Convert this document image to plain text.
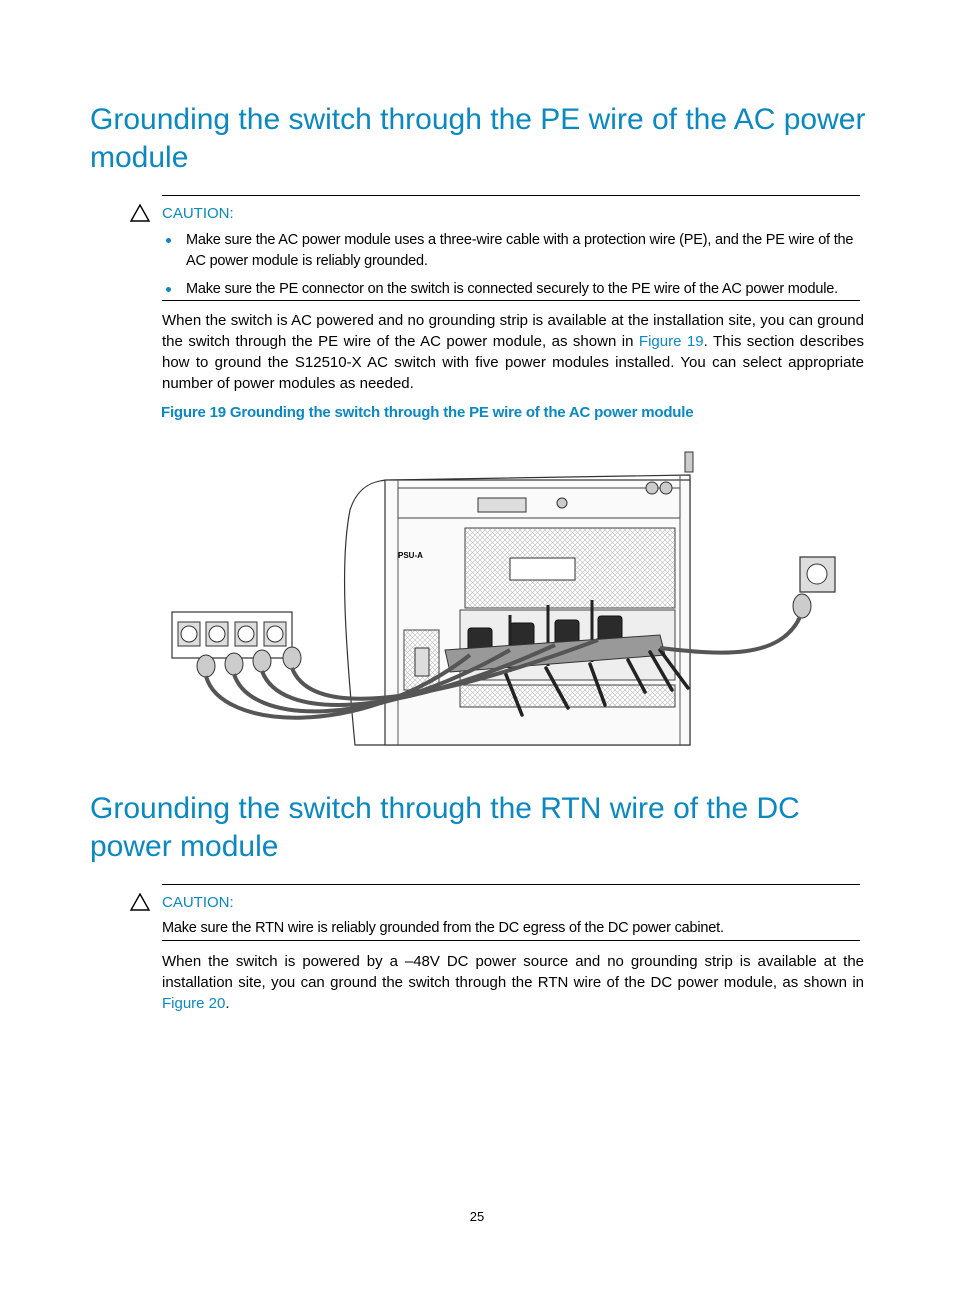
Grounding the switch through the PE wire of the AC power module
CAUTION:
Make sure the AC power module uses a three-wire cable with a protection wire (PE), and the PE wire of the AC power module is reliably grounded.
Make sure the PE connector on the switch is connected securely to the PE wire of the AC power module.

When the switch is AC powered and no grounding strip is available at the installation site, you can ground the switch through the PE wire of the AC power module, as shown in Figure 19. This section describes how to ground the S12510-X AC switch with five power modules installed. You can select appropriate number of power modules as needed.

Figure 19 Grounding the switch through the PE wire of the AC power module
PSU-A
Grounding the switch through the RTN wire of the DC power module
CAUTION:
Make sure the RTN wire is reliably grounded from the DC egress of the DC power cabinet.

When the switch is powered by a –48V DC power source and no grounding strip is available at the installation site, you can ground the switch through the RTN wire of the DC power module, as shown in Figure 20.

25
